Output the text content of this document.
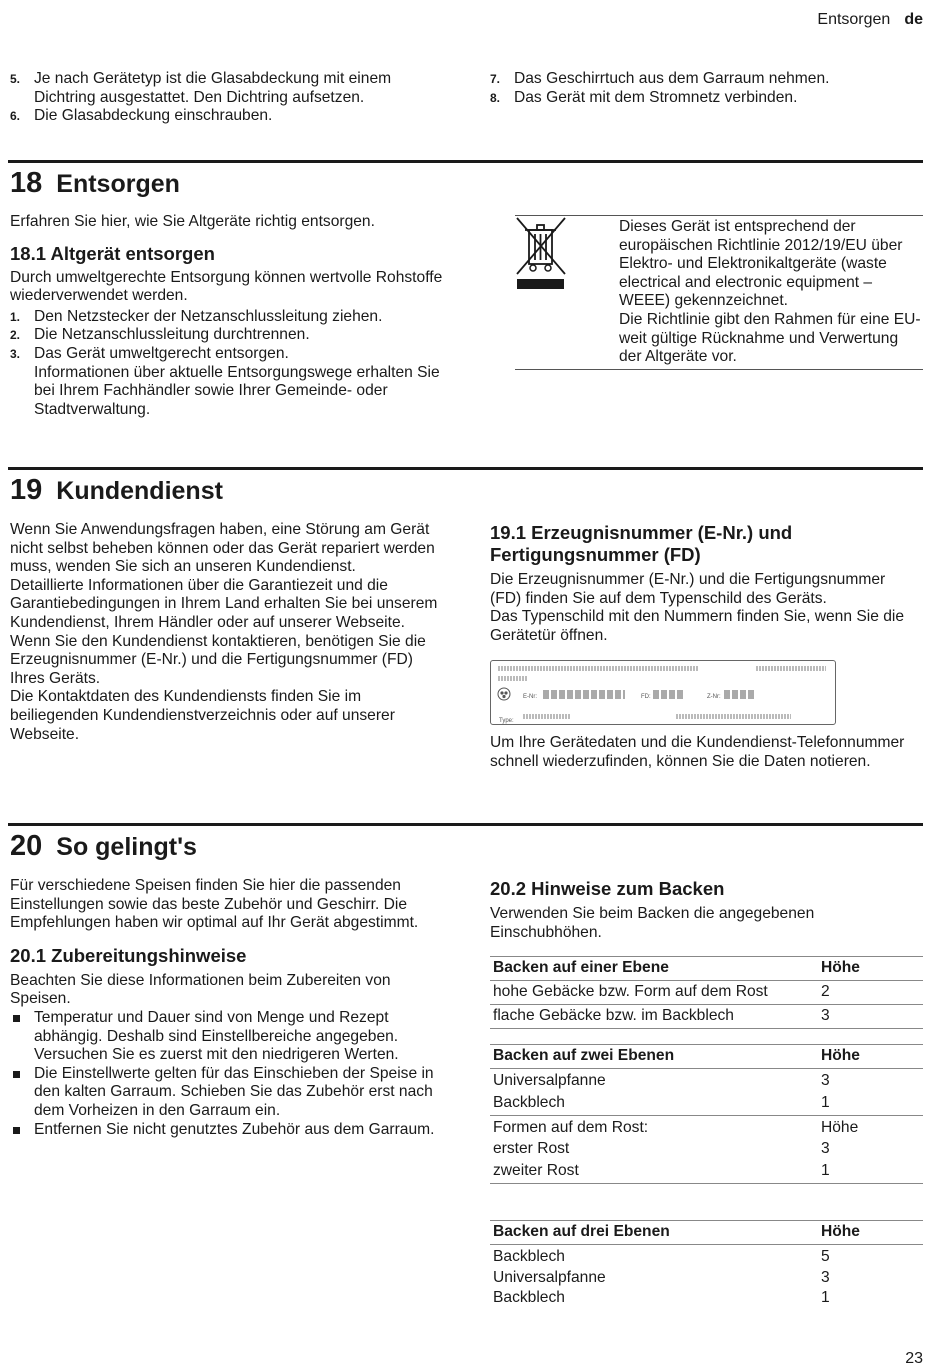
Entsorgen de
5. Je nach Gerätetyp ist die Glasabdeckung mit einem Dichtring ausgestattet. Den Dichtring aufsetzen.
6. Die Glasabdeckung einschrauben.
7. Das Geschirrtuch aus dem Garraum nehmen.
8. Das Gerät mit dem Stromnetz verbinden.
18 Entsorgen

Erfahren Sie hier, wie Sie Altgeräte richtig entsorgen.

18.1 Altgerät entsorgen

Durch umweltgerechte Entsorgung können wertvolle Rohstoffe wiederverwendet werden.

1. Den Netzstecker der Netzanschlussleitung ziehen.
2. Die Netzanschlussleitung durchtrennen.
3. Das Gerät umweltgerecht entsorgen.
Informationen über aktuelle Entsorgungswege erhalten Sie bei Ihrem Fachhändler sowie Ihrer Gemeinde- oder Stadtverwaltung.

Dieses Gerät ist entsprechend der europäischen Richtlinie 2012/19/EU über Elektro- und Elektronikaltgeräte (waste electrical and electronic equipment – WEEE) gekennzeichnet.

Die Richtlinie gibt den Rahmen für eine EU-weit gültige Rücknahme und Verwertung der Altgeräte vor.

19 Kundendienst

Wenn Sie Anwendungsfragen haben, eine Störung am Gerät nicht selbst beheben können oder das Gerät repariert werden muss, wenden Sie sich an unseren Kundendienst.

Detaillierte Informationen über die Garantiezeit und die Garantiebedingungen in Ihrem Land erhalten Sie bei unserem Kundendienst, Ihrem Händler oder auf unserer Webseite.

Wenn Sie den Kundendienst kontaktieren, benötigen Sie die Erzeugnisnummer (E-Nr.) und die Fertigungsnummer (FD) Ihres Geräts.

Die Kontaktdaten des Kundendiensts finden Sie im beiliegenden Kundendienstverzeichnis oder auf unserer Webseite.

19.1 Erzeugnisnummer (E-Nr.) und Fertigungsnummer (FD)

Die Erzeugnisnummer (E-Nr.) und die Fertigungsnummer (FD) finden Sie auf dem Typenschild des Geräts.

Das Typenschild mit den Nummern finden Sie, wenn Sie die Gerätetür öffnen.

E-Nr:	FD:	Z-Nr:
Type:

Um Ihre Gerätedaten und die Kundendienst-Telefonnummer schnell wiederzufinden, können Sie die Daten notieren.

20 So gelingt's

Für verschiedene Speisen finden Sie hier die passenden Einstellungen sowie das beste Zubehör und Geschirr. Die Empfehlungen haben wir optimal auf Ihr Gerät abgestimmt.

20.1 Zubereitungshinweise

Beachten Sie diese Informationen beim Zubereiten von Speisen.

Temperatur und Dauer sind von Menge und Rezept abhängig. Deshalb sind Einstellbereiche angegeben. Versuchen Sie es zuerst mit den niedrigeren Werten.
Die Einstellwerte gelten für das Einschieben der Speise in den kalten Garraum. Schieben Sie das Zubehör erst nach dem Vorheizen in den Garraum ein.
Entfernen Sie nicht genutztes Zubehör aus dem Garraum.

20.2 Hinweise zum Backen

Verwenden Sie beim Backen die angegebenen Einschubhöhen.

Backen auf einer Ebene	Höhe
hohe Gebäcke bzw. Form auf dem Rost	2
flache Gebäcke bzw. im Backblech	3
Backen auf zwei Ebenen	Höhe
Universalpfanne	3
Backblech	1
Formen auf dem Rost:	Höhe
erster Rost	3
zweiter Rost	1
Backen auf drei Ebenen	Höhe
Backblech	5
Universalpfanne	3
Backblech	1
23
